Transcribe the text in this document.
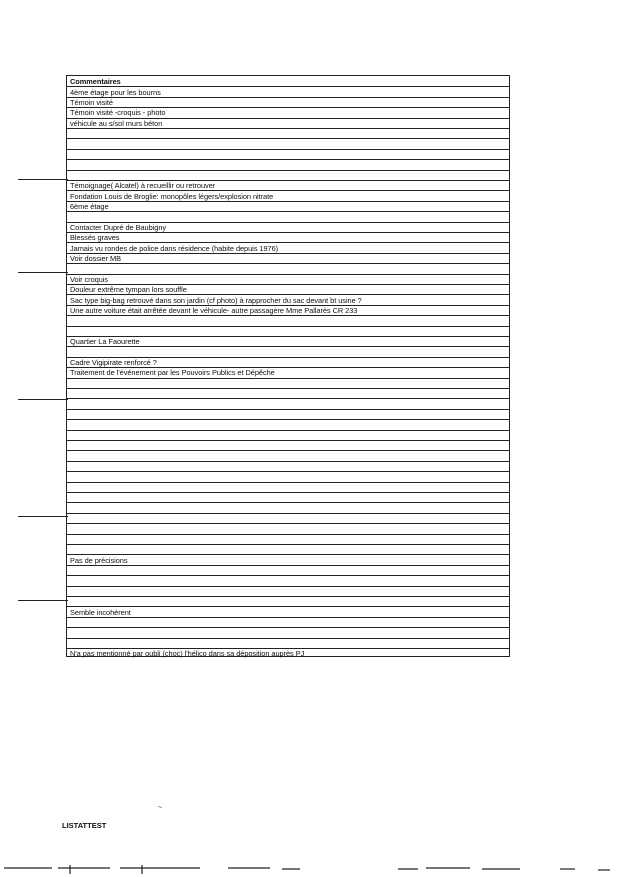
Commentaires
4ème étage pour les bourns
Témoin visité
Témoin visité -croquis - photo
véhicule au s/sol murs béton
Témoignage( Alcatel) à recueillir ou retrouver
Fondation Louis de Broglie: monopôles légers/explosion nitrate
6ème étage
Contacter Dupré de Baubigny
Blessés graves
Jamais vu rondes de police dans résidence (habite depuis 1976)
Voir dossier MB
Voir croquis
Douleur extrême tympan lors souffle
Sac type big-bag retrouvé dans son jardin (cf photo) à rapprocher du sac devant bt usine ?
Une autre voiture était arrêtée devant le véhicule- autre passagère Mme Pallarès CR 233
Quartier La Faourette
Cadre Vigipirate renforcé ?
Traitement de l'événement par les Pouvoirs Publics et Dépêche
Pas de précisions
Semble incohérent
N'a pas mentionné par oubli (choc) l'hélico dans sa déposition auprès PJ
LISTATTEST
